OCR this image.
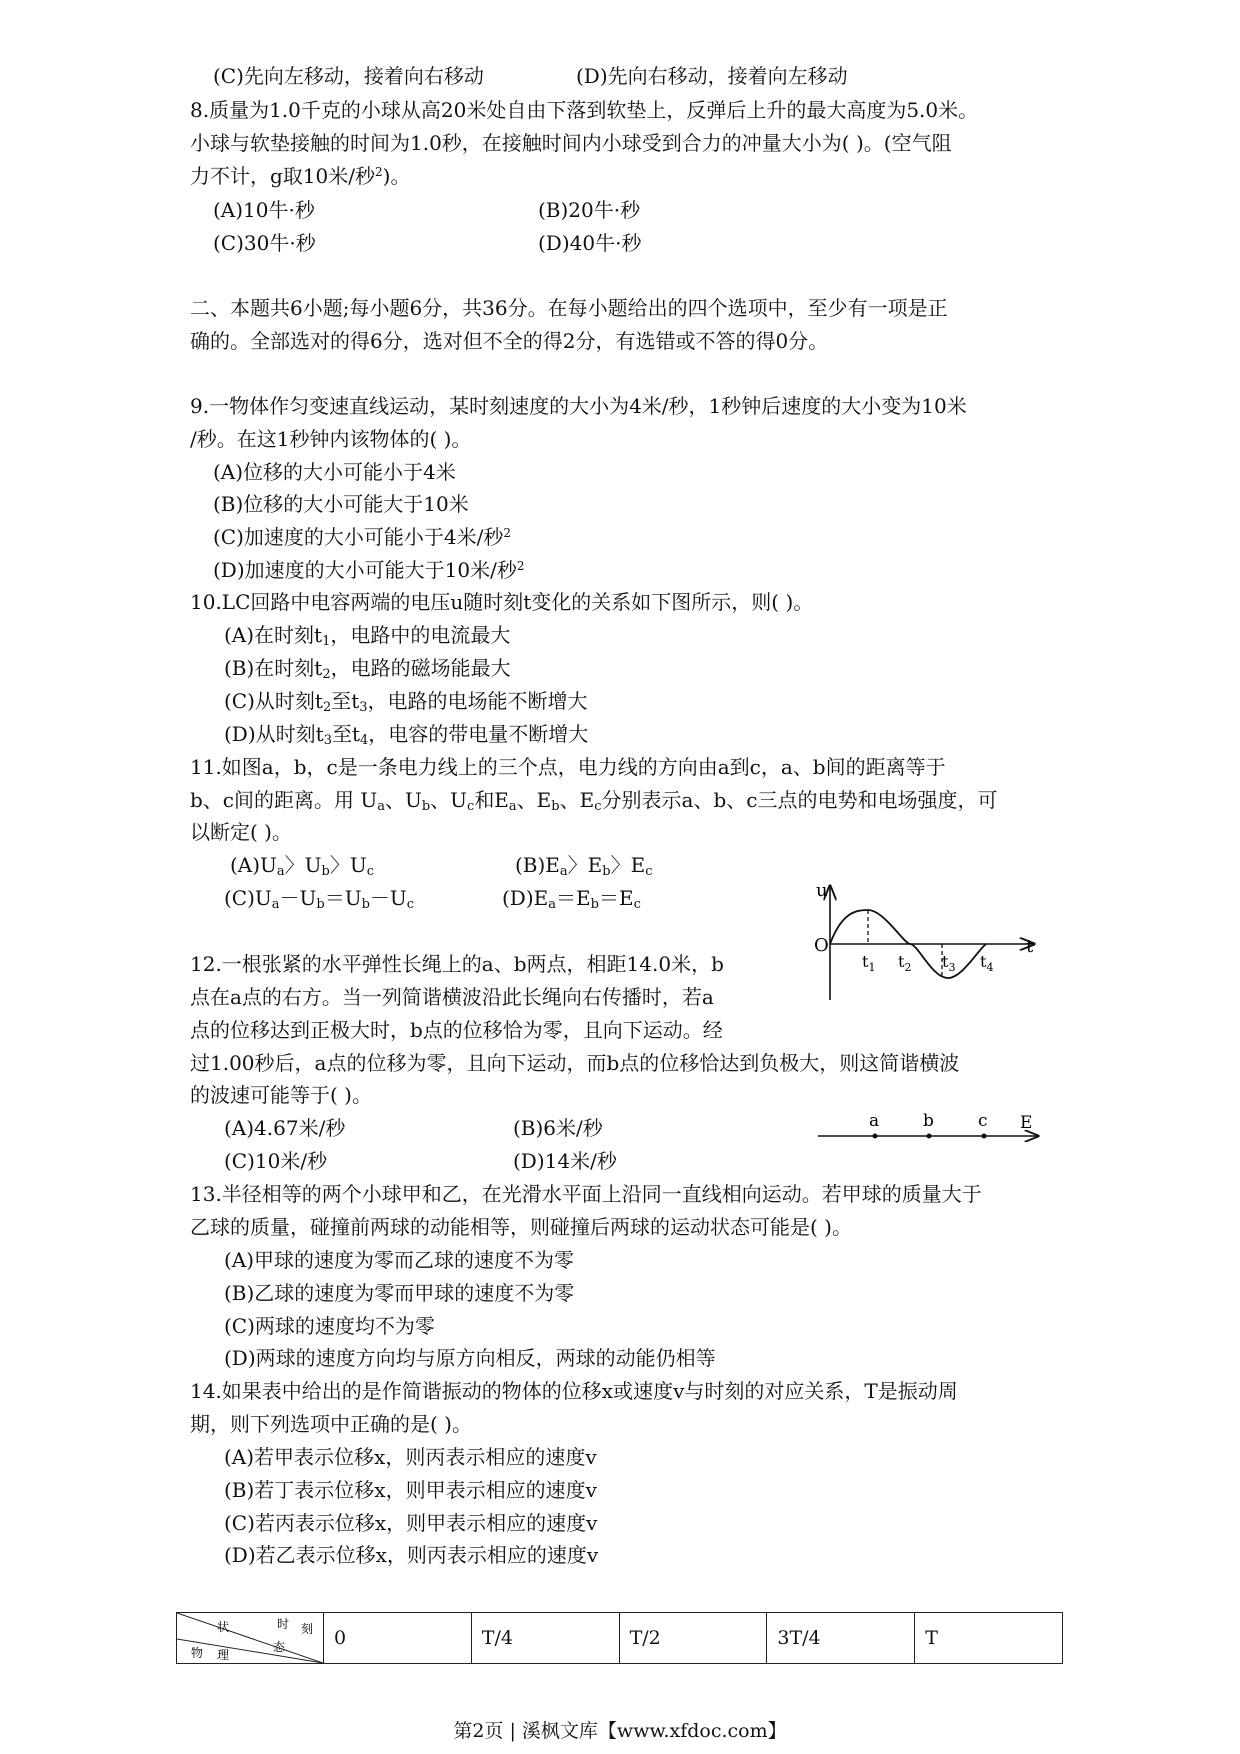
(C)先向左移动，接着向右移动	(D)先向右移动，接着向左移动
8.质量为1.0千克的小球从高20米处自由下落到软垫上，反弹后上升的最大高度为5.0米。
小球与软垫接触的时间为1.0秒，在接触时间内小球受到合力的冲量大小为( )。(空气阻
力不计，g取10米/秒$^2$)。
(A)10牛·秒	(B)20牛·秒
(C)30牛·秒	(D)40牛·秒
二、本题共6小题;每小题6分，共36分。在每小题给出的四个选项中，至少有一项是正
确的。全部选对的得6分，选对但不全的得2分，有选错或不答的得0分。
9.一物体作匀变速直线运动，某时刻速度的大小为4米/秒，1秒钟后速度的大小变为10米
/秒。在这1秒钟内该物体的( )。
(A)位移的大小可能小于4米
(B)位移的大小可能大于10米
(C)加速度的大小可能小于4米/秒$^2$
(D)加速度的大小可能大于10米/秒$^2$
10.LC回路中电容两端的电压u随时刻t变化的关系如下图所示，则( )。
(A)在时刻$t_1$，电路中的电流最大
(B)在时刻$t_2$，电路的磁场能最大
(C)从时刻$t_2$至$t_3$，电路的电场能不断增大
(D)从时刻$t_3$至$t_4$，电容的带电量不断增大
11.如图a，b，c是一条电力线上的三个点，电力线的方向由a到c，a、b间的距离等于
b、c间的距离。用 $U_a$、$U_b$、$U_c$和$E_a$、$E_b$、$E_c$分别表示a、b、c三点的电势和电场强度，可
以断定( )。
$(A)U_a$〉$U_b$〉$U_c$	$(B)E_a$〉$E_b$〉$E_c$
$(C)U_a-U_b=U_b-U_c$	$(D)E_a=E_b=E_c$
u
O	t
$t_1$ $t_2$ $t_3$ $t_4$
12.一根张紧的水平弹性长绳上的a、b两点，相距14.0米，b
点在a点的右方。当一列简谐横波沿此长绳向右传播时，若a
点的位移达到正极大时，b点的位移恰为零，且向下运动。经
过1.00秒后，a点的位移为零，且向下运动，而b点的位移恰达到负极大，则这简谐横波
的波速可能等于( )。
(A)4.67米/秒	(B)6米/秒
(C)10米/秒	(D)14米/秒
a	b	c E
13.半径相等的两个小球甲和乙，在光滑水平面上沿同一直线相向运动。若甲球的质量大于
乙球的质量，碰撞前两球的动能相等，则碰撞后两球的运动状态可能是( )。
(A)甲球的速度为零而乙球的速度不为零
(B)乙球的速度为零而甲球的速度不为零
(C)两球的速度均不为零
(D)两球的速度方向均与原方向相反，两球的动能仍相等
14.如果表中给出的是作简谐振动的物体的位移x或速度v与时刻的对应关系，T是振动周
期，则下列选项中正确的是( )。
(A)若甲表示位移x，则丙表示相应的速度v
(B)若丁表示位移x，则甲表示相应的速度v
(C)若丙表示位移x，则甲表示相应的速度v
(D)若乙表示位移x，则丙表示相应的速度v
时 刻
状
态
物 理
	0	T/4	T/2	3T/4	T
第2页 | 溪枫文库【www.xfdoc.com】
